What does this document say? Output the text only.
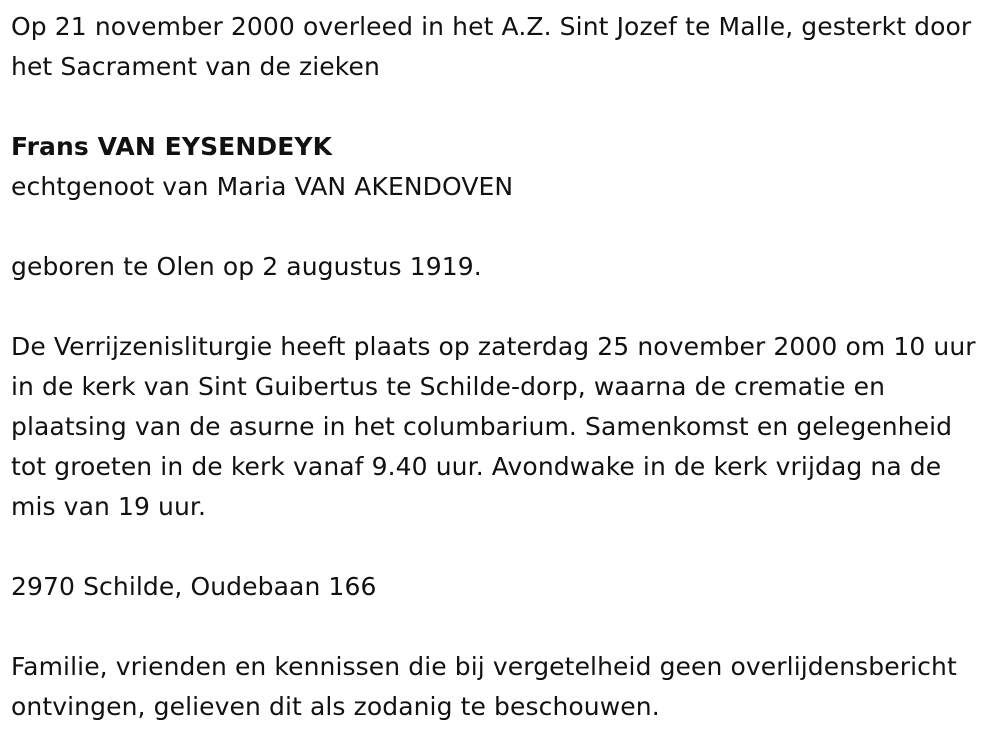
Op 21 november 2000 overleed in het A.Z. Sint Jozef te Malle, gesterkt door het Sacrament van de zieken

Frans VAN EYSENDEYK

echtgenoot van Maria VAN AKENDOVEN

geboren te Olen op 2 augustus 1919.

De Verrijzenisliturgie heeft plaats op zaterdag 25 november 2000 om 10 uur in de kerk van Sint Guibertus te Schilde-dorp, waarna de crematie en plaatsing van de asurne in het columbarium. Samenkomst en gelegenheid tot groeten in de kerk vanaf 9.40 uur. Avondwake in de kerk vrijdag na de mis van 19 uur.

2970 Schilde, Oudebaan 166

Familie, vrienden en kennissen die bij vergetelheid geen overlijdensbericht ontvingen, gelieven dit als zodanig te beschouwen.
